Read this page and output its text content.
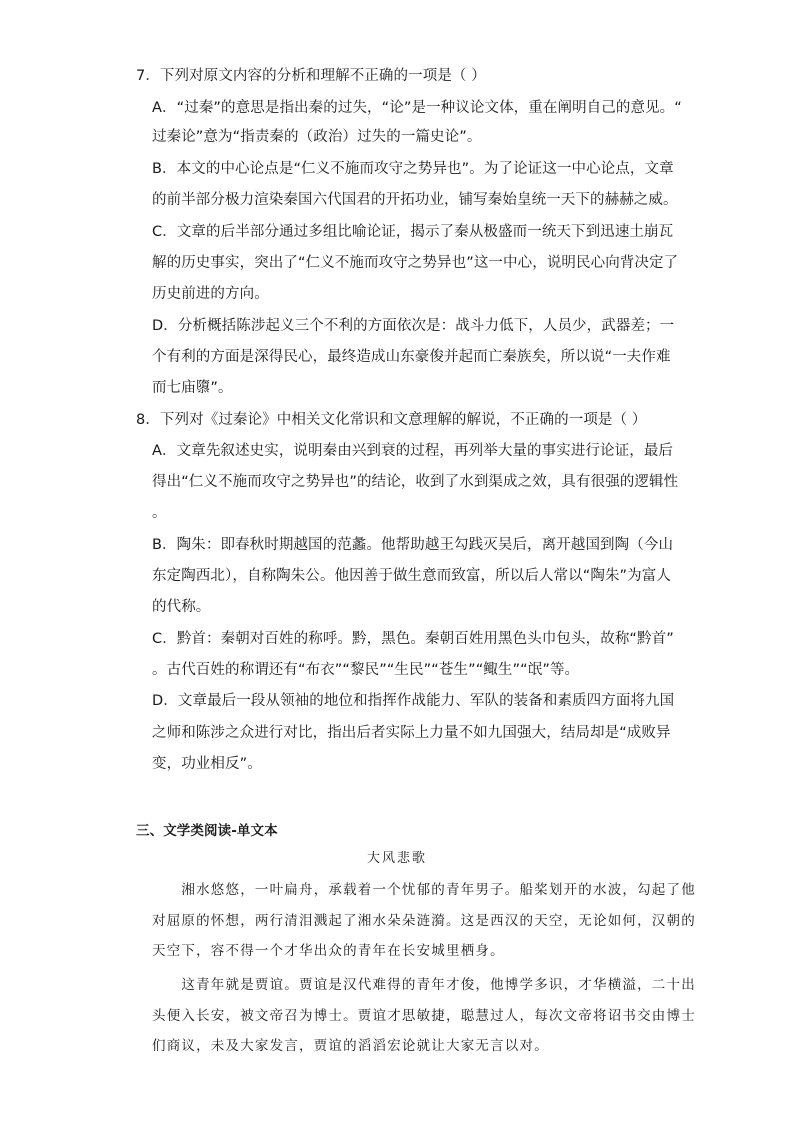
7．下列对原文内容的分析和理解不正确的一项是（ ）
A．“过秦”的意思是指出秦的过失，“论”是一种议论文体，重在阐明自己的意见。“
过秦论”意为“指责秦的（政治）过失的一篇史论”。
B．本文的中心论点是“仁义不施而攻守之势异也”。为了论证这一中心论点，文章
的前半部分极力渲染秦国六代国君的开拓功业，铺写秦始皇统一天下的赫赫之威。
C．文章的后半部分通过多组比喻论证，揭示了秦从极盛而一统天下到迅速土崩瓦
解的历史事实，突出了“仁义不施而攻守之势异也”这一中心，说明民心向背决定了
历史前进的方向。
D．分析概括陈涉起义三个不利的方面依次是：战斗力低下，人员少，武器差；一
个有利的方面是深得民心，最终造成山东豪俊并起而亡秦族矣，所以说“一夫作难
而七庙隳”。
8．下列对《过秦论》中相关文化常识和文意理解的解说，不正确的一项是（ ）
A．文章先叙述史实，说明秦由兴到衰的过程，再列举大量的事实进行论证，最后
得出“仁义不施而攻守之势异也”的结论，收到了水到渠成之效，具有很强的逻辑性
。
B．陶朱：即春秋时期越国的范蠡。他帮助越王勾践灭吴后，离开越国到陶（今山
东定陶西北），自称陶朱公。他因善于做生意而致富，所以后人常以“陶朱”为富人
的代称。
C．黔首：秦朝对百姓的称呼。黔，黑色。秦朝百姓用黑色头巾包头，故称“黔首”
。古代百姓的称谓还有“布衣”“黎民”“生民”“苍生”“鲰生”“氓”等。
D．文章最后一段从领袖的地位和指挥作战能力、军队的装备和素质四方面将九国
之师和陈涉之众进行对比，指出后者实际上力量不如九国强大，结局却是“成败异
变，功业相反”。
三、文学类阅读-单文本
大风悲歌
　　湘水悠悠，一叶扁舟，承载着一个忧郁的青年男子。船桨划开的水波，勾起了他
对屈原的怀想，两行清泪溅起了湘水朵朵涟漪。这是西汉的天空，无论如何，汉朝的
天空下，容不得一个才华出众的青年在长安城里栖身。
　　这青年就是贾谊。贾谊是汉代难得的青年才俊，他博学多识，才华横溢，二十出
头便入长安，被文帝召为博士。贾谊才思敏捷，聪慧过人，每次文帝将诏书交由博士
们商议，未及大家发言，贾谊的滔滔宏论就让大家无言以对。
